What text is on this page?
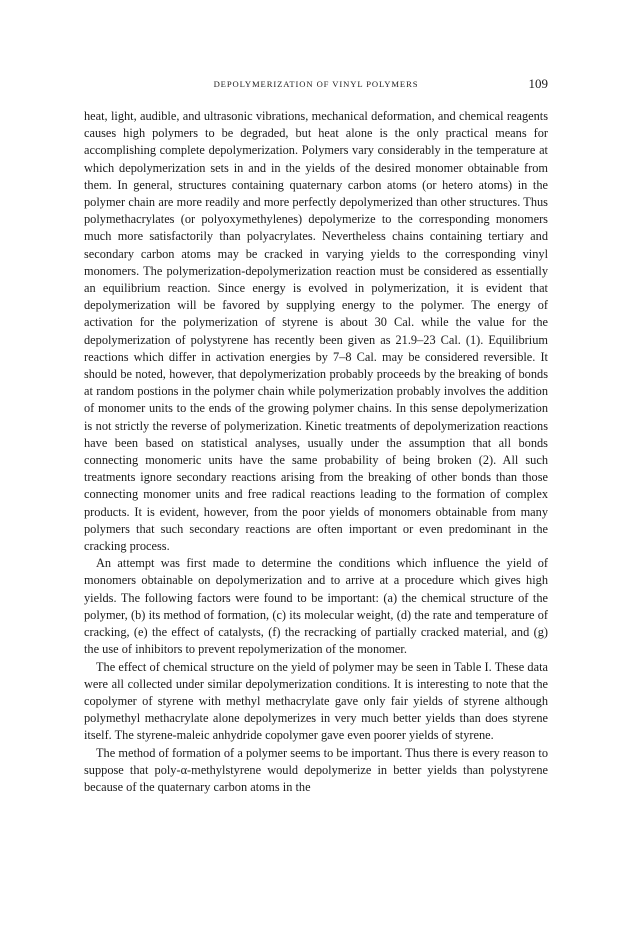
DEPOLYMERIZATION OF VINYL POLYMERS	109

heat, light, audible, and ultrasonic vibrations, mechanical deformation, and chemical reagents causes high polymers to be degraded, but heat alone is the only practical means for accomplishing complete depolymerization. Polymers vary considerably in the temperature at which depolymerization sets in and in the yields of the desired monomer obtainable from them. In general, structures containing quaternary carbon atoms (or hetero atoms) in the polymer chain are more readily and more perfectly depolymerized than other structures. Thus polymethacrylates (or polyoxymethylenes) depolymerize to the corresponding monomers much more satisfactorily than polyacrylates. Nevertheless chains containing tertiary and secondary carbon atoms may be cracked in varying yields to the corresponding vinyl monomers. The polymerization-depolymerization reaction must be considered as essentially an equilibrium reaction. Since energy is evolved in polymerization, it is evident that depolymerization will be favored by supplying energy to the polymer. The energy of activation for the polymerization of styrene is about 30 Cal. while the value for the depolymerization of polystyrene has recently been given as 21.9–23 Cal. (1). Equilibrium reactions which differ in activation energies by 7–8 Cal. may be considered reversible. It should be noted, however, that depolymerization probably proceeds by the breaking of bonds at random postions in the polymer chain while polymerization probably involves the addition of monomer units to the ends of the growing polymer chains. In this sense depolymerization is not strictly the reverse of polymerization. Kinetic treatments of depolymerization reactions have been based on statistical analyses, usually under the assumption that all bonds connecting monomeric units have the same probability of being broken (2). All such treatments ignore secondary reactions arising from the breaking of other bonds than those connecting monomer units and free radical reactions leading to the formation of complex products. It is evident, however, from the poor yields of monomers obtainable from many polymers that such secondary reactions are often important or even predominant in the cracking process.

An attempt was first made to determine the conditions which influence the yield of monomers obtainable on depolymerization and to arrive at a procedure which gives high yields. The following factors were found to be important: (a) the chemical structure of the polymer, (b) its method of formation, (c) its molecular weight, (d) the rate and temperature of cracking, (e) the effect of catalysts, (f) the recracking of partially cracked material, and (g) the use of inhibitors to prevent repolymerization of the monomer.

The effect of chemical structure on the yield of polymer may be seen in Table I. These data were all collected under similar depolymerization conditions. It is interesting to note that the copolymer of styrene with methyl methacrylate gave only fair yields of styrene although polymethyl methacrylate alone depolymerizes in very much better yields than does styrene itself. The styrene-maleic anhydride copolymer gave even poorer yields of styrene.

The method of formation of a polymer seems to be important. Thus there is every reason to suppose that poly-α-methylstyrene would depolymerize in better yields than polystyrene because of the quaternary carbon atoms in the
